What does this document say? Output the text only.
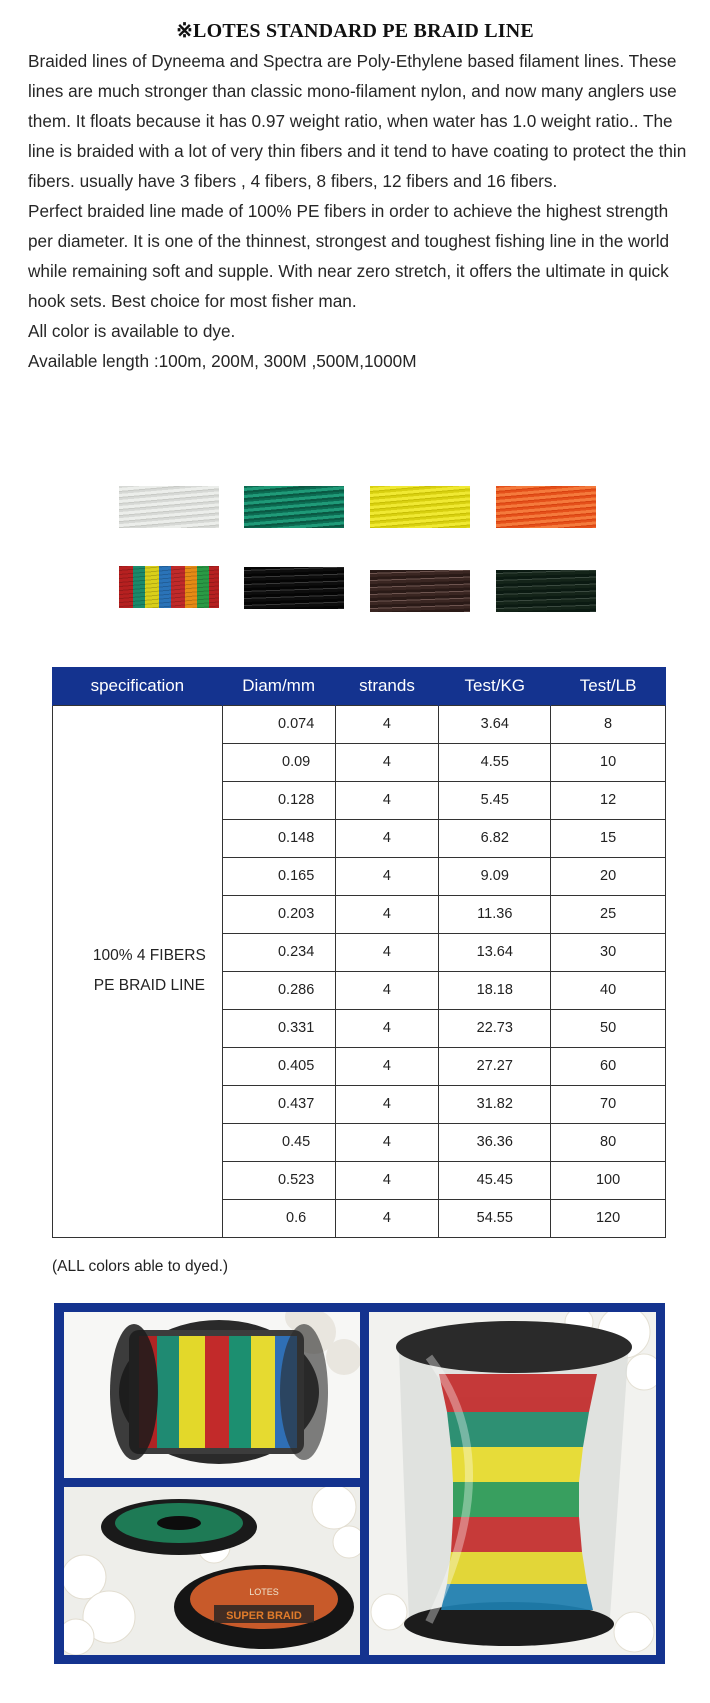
※LOTES STANDARD PE BRAID LINE

Braided lines of Dyneema and Spectra are Poly-Ethylene based filament lines. These lines are much stronger than classic mono-filament nylon, and now many anglers use them. It floats because it has 0.97 weight ratio, when water has 1.0 weight ratio.. The line is braided with a lot of very thin fibers and it tend to have coating to protect the thin fibers. usually have 3 fibers , 4 fibers, 8 fibers, 12 fibers and 16 fibers.

Perfect braided line made of 100% PE fibers in order to achieve the highest strength per diameter. It is one of the thinnest, strongest and toughest fishing line in the world while remaining soft and supple. With near zero stretch, it offers the ultimate in quick hook sets. Best choice for most fisher man.

All color is available to dye.

Available length :100m, 200M, 300M ,500M,1000M

specification	Diam/mm	strands	Test/KG	Test/LB

100% 4 FIBERS
PE BRAID LINE	0.074	4	3.64	8
	0.09	4	4.55	10
	0.128	4	5.45	12
	0.148	4	6.82	15
	0.165	4	9.09	20
	0.203	4	11.36	25
	0.234	4	13.64	30
	0.286	4	18.18	40
	0.331	4	22.73	50
	0.405	4	27.27	60
	0.437	4	31.82	70
	0.45	4	36.36	80
	0.523	4	45.45	100
	0.6	4	54.55	120
(ALL colors able to dyed.)
LOTES
SUPER BRAID
